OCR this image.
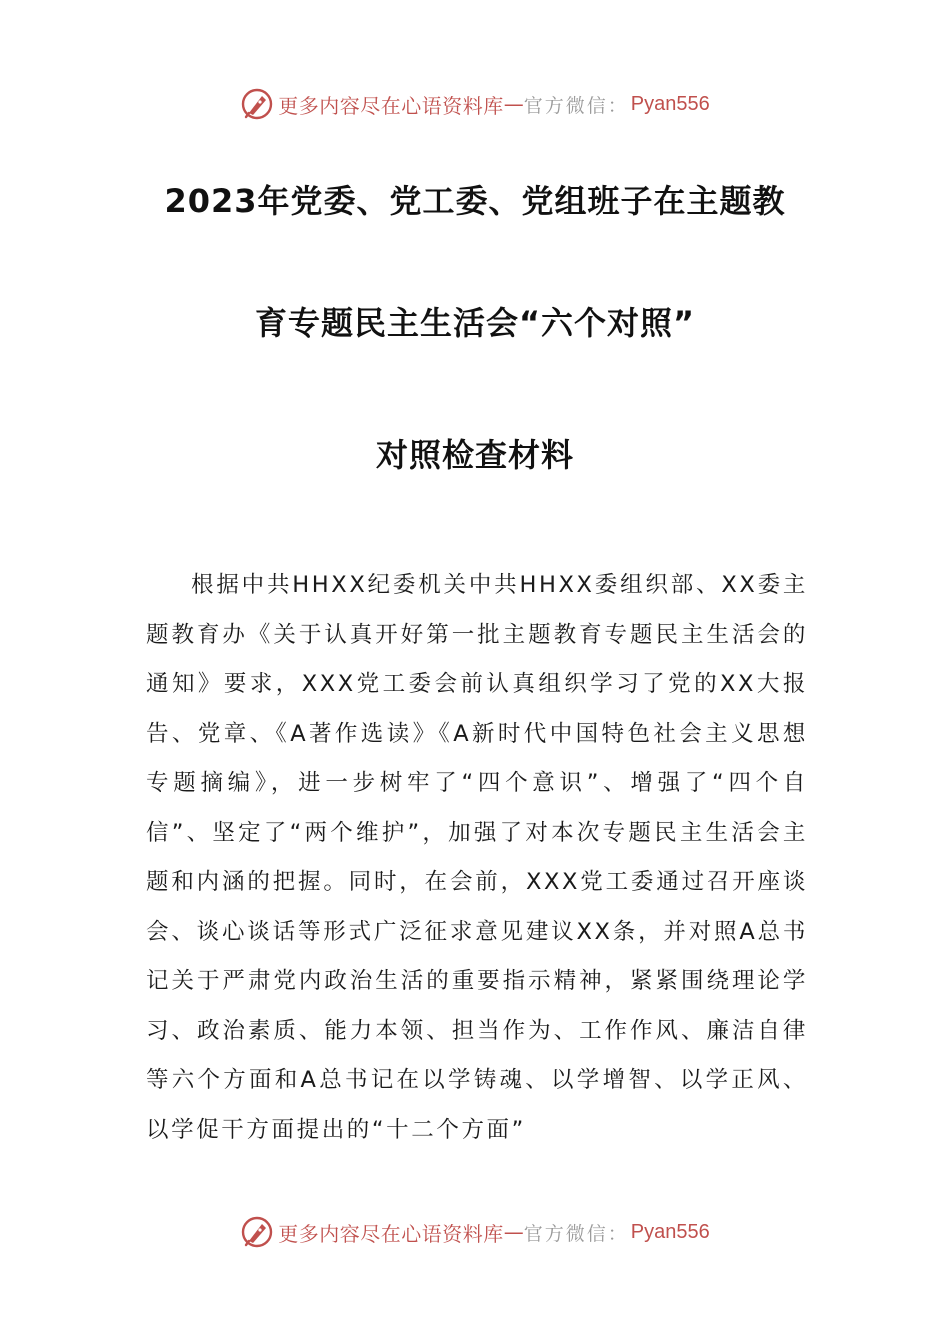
更多内容尽在心语资料库 — 官方微信： Pyan556
2023年党委、党工委、党组班子在主题教
育专题民主生活会“六个对照”
对照检查材料

根据中共HHXX纪委机关中共HHXX委组织部、XX委主题教育办《关于认真开好第一批主题教育专题民主生活会的通知》要求，XXX党工委会前认真组织学习了党的XX大报告、党章、《A著作选读》《A新时代中国特色社会主义思想专题摘编》，进一步树牢了“四个意识”、增强了“四个自信”、坚定了“两个维护”，加强了对本次专题民主生活会主题和内涵的把握。同时，在会前，XXX党工委通过召开座谈会、谈心谈话等形式广泛征求意见建议XX条，并对照A总书记关于严肃党内政治生活的重要指示精神，紧紧围绕理论学习、政治素质、能力本领、担当作为、工作作风、廉洁自律等六个方面和A总书记在以学铸魂、以学增智、以学正风、以学促干方面提出的“十二个方面”

更多内容尽在心语资料库 — 官方微信： Pyan556
